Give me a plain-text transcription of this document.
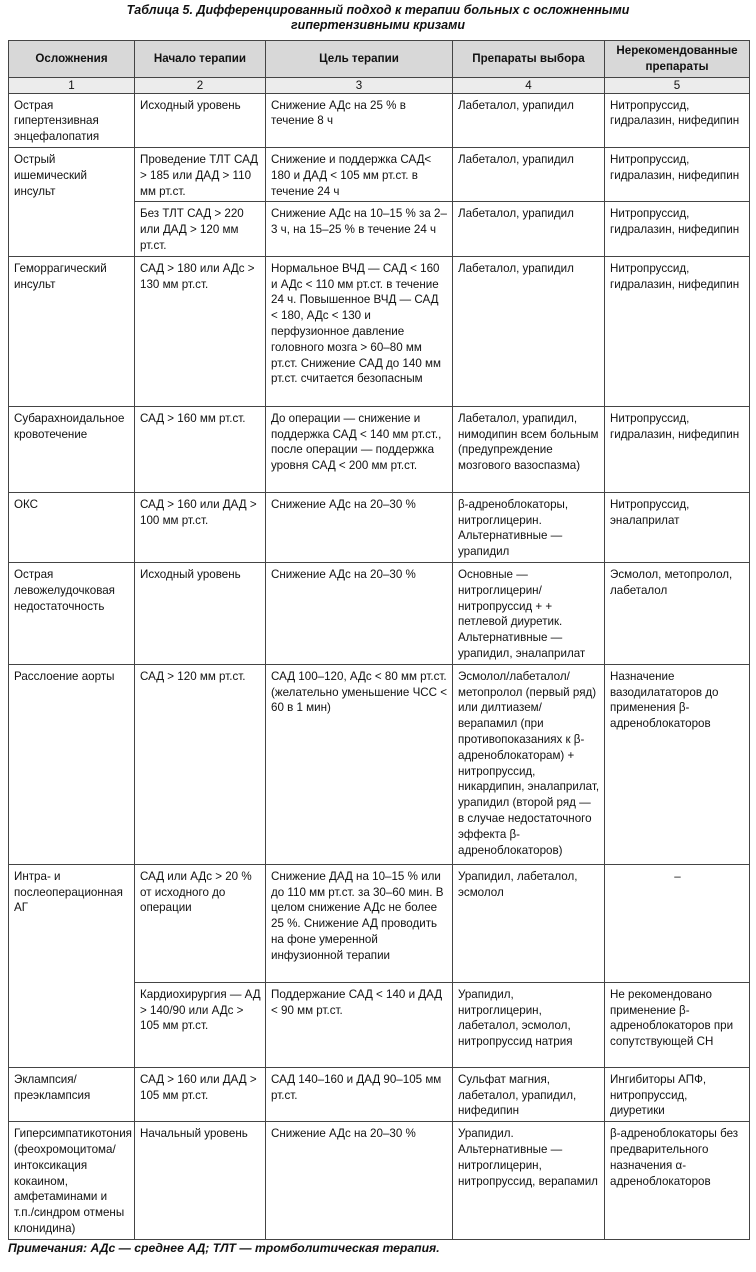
Таблица 5. Дифференцированный подход к терапии больных с осложненными
гипертензивными кризами
Осложнения	Начало терапии	Цель терапии	Препараты выбора	Нерекомендованные препараты
1	2	3	4	5
Острая гипертензивная энцефалопатия	Исходный уровень	Снижение АДс на 25 % в течение 8 ч	Лабеталол, урапидил	Нитропруссид, гидралазин, нифедипин
Острый ишемический инсульт	Проведение ТЛТ САД > 185 или ДАД > 110 мм рт.ст.	Снижение и поддержка САД< 180 и ДАД < 105 мм рт.ст. в течение 24 ч	Лабеталол, урапидил	Нитропруссид, гидралазин, нифедипин
	Без ТЛТ САД > 220 или ДАД > 120 мм рт.ст.	Снижение АДс на 10–15 % за 2–3 ч, на 15–25 % в течение 24 ч	Лабеталол, урапидил	Нитропруссид, гидралазин, нифедипин
Геморрагический инсульт	САД > 180 или АДс > 130 мм рт.ст.	Нормальное ВЧД — САД < 160 и АДс < 110 мм рт.ст. в течение 24 ч. Повышенное ВЧД — САД < 180, АДс < 130 и перфузионное давление головного мозга > 60–80 мм рт.ст. Снижение САД до 140 мм рт.ст. считается безопасным	Лабеталол, урапидил	Нитропруссид, гидралазин, нифедипин
Субарахноидальное кровотечение	САД > 160 мм рт.ст.	До операции — снижение и поддержка САД < 140 мм рт.ст., после операции — поддержка уровня САД < 200 мм рт.ст.	Лабеталол, урапидил, нимодипин всем больным (предупреждение мозгового вазоспазма)	Нитропруссид, гидралазин, нифедипин
ОКС	САД > 160 или ДАД > 100 мм рт.ст.	Снижение АДс на 20–30 %	β-адреноблокаторы, нитроглицерин. Альтернативные — урапидил	Нитропруссид, эналаприлат
Острая левожелудочковая недостаточность	Исходный уровень	Снижение АДс на 20–30 %	Основные — нитроглицерин/нитропруссид + + петлевой диуретик. Альтернативные — урапидил, эналаприлат	Эсмолол, метопролол, лабеталол
Расслоение аорты	САД > 120 мм рт.ст.	САД 100–120, АДс < 80 мм рт.ст. (желательно уменьшение ЧСС < 60 в 1 мин)	Эсмолол/лабеталол/метопролол (первый ряд) или дилтиазем/верапамил (при противопоказаниях к β-адреноблокаторам) + нитропруссид, никардипин, эналаприлат, урапидил (второй ряд — в случае недостаточного эффекта β-адреноблокаторов)	Назначение вазодилататоров до применения β-адреноблокаторов
Интра- и послеоперационная АГ	САД или АДс > 20 % от исходного до операции	Снижение ДАД на 10–15 % или до 110 мм рт.ст. за 30–60 мин. В целом снижение АДс не более 25 %. Снижение АД проводить на фоне умеренной инфузионной терапии	Урапидил, лабеталол, эсмолол	–
	Кардиохирургия — АД > 140/90 или АДс > 105 мм рт.ст.	Поддержание САД < 140 и ДАД < 90 мм рт.ст.	Урапидил, нитроглицерин, лабеталол, эсмолол, нитропруссид натрия	Не рекомендовано применение β-адреноблокаторов при сопутствующей СН
Эклампсия/преэклампсия	САД > 160 или ДАД > 105 мм рт.ст.	САД 140–160 и ДАД 90–105 мм рт.ст.	Сульфат магния, лабеталол, урапидил, нифедипин	Ингибиторы АПФ, нитропруссид, диуретики
Гиперсимпатикотония (феохромоцитома/интоксикация кокаином, амфетаминами и т.п./синдром отмены клонидина)	Начальный уровень	Снижение АДс на 20–30 %	Урапидил. Альтернативные — нитроглицерин, нитропруссид, верапамил	β-адреноблокаторы без предварительного назначения α-адреноблокаторов
Примечания: АДс — среднее АД; ТЛТ — тромболитическая терапия.
